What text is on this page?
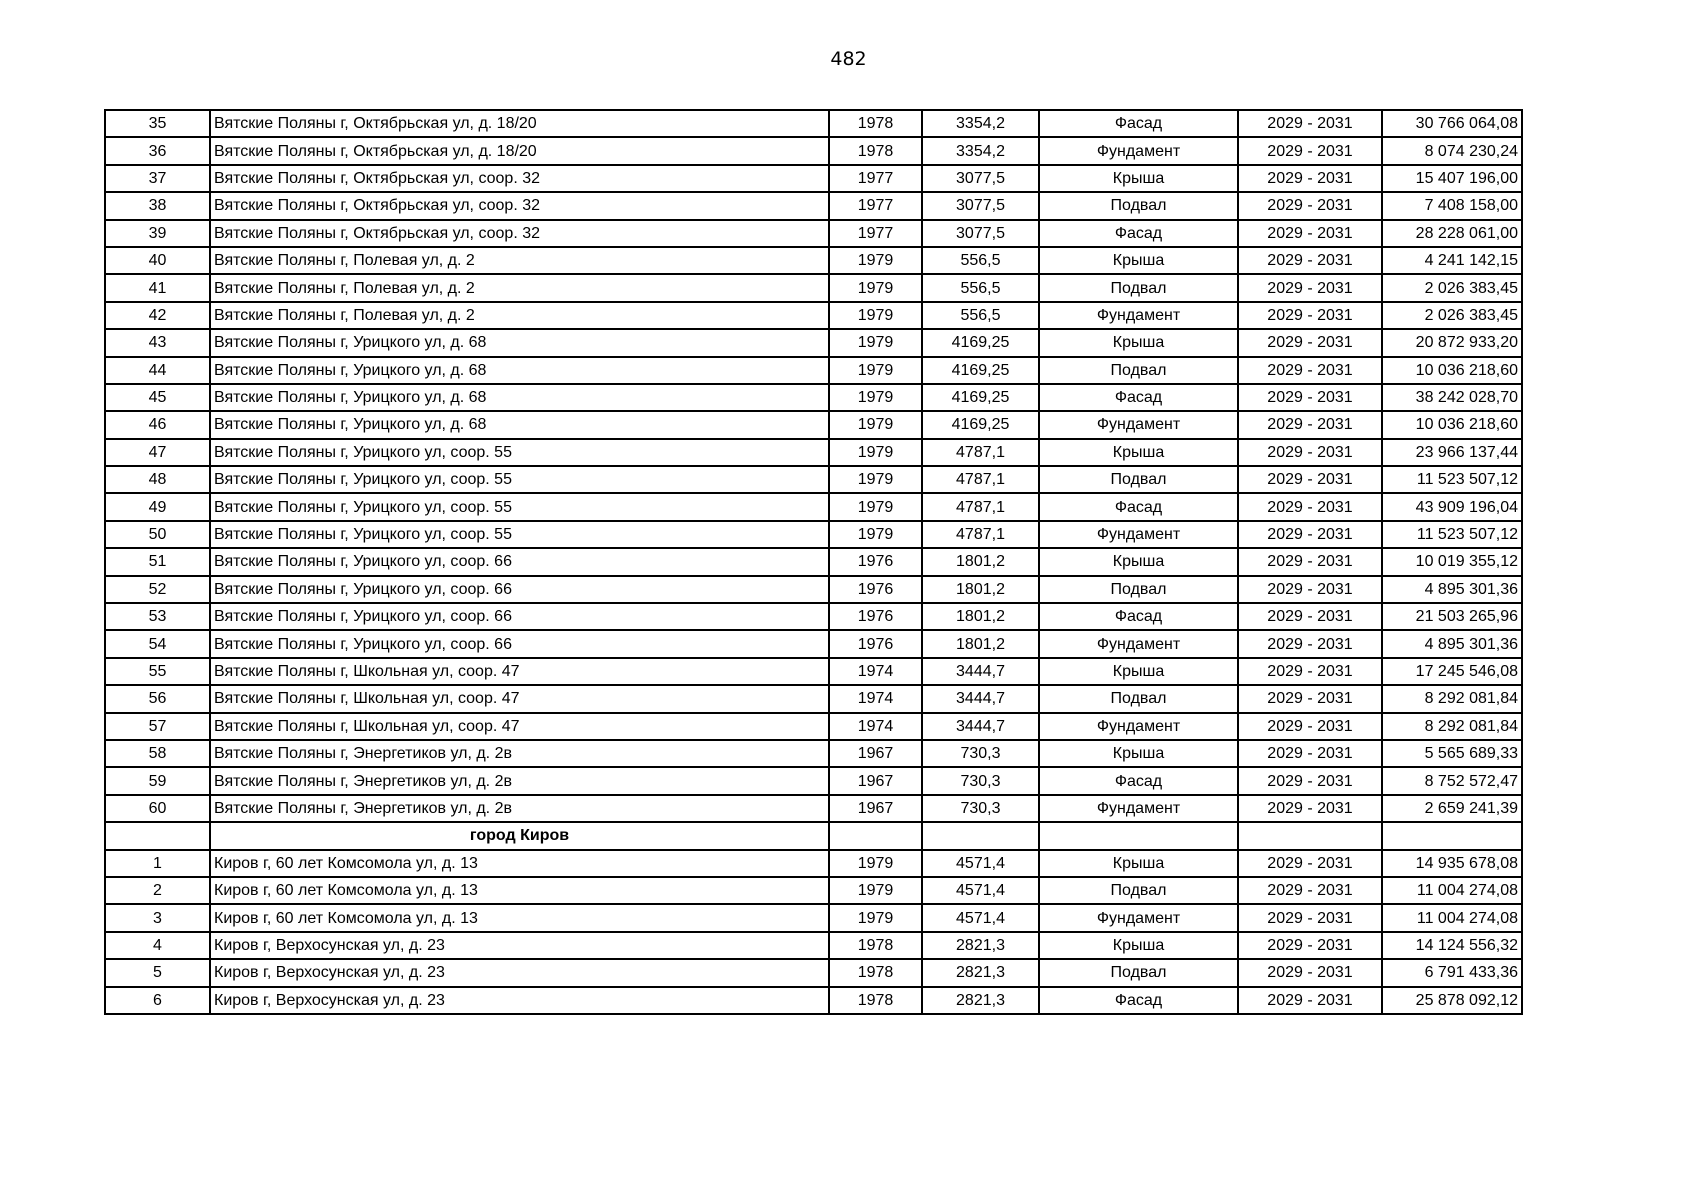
482
35	Вятские Поляны г, Октябрьская ул, д. 18/20	1978	3354,2	Фасад	2029 - 2031	30 766 064,08
36	Вятские Поляны г, Октябрьская ул, д. 18/20	1978	3354,2	Фундамент	2029 - 2031	8 074 230,24
37	Вятские Поляны г, Октябрьская ул, соор. 32	1977	3077,5	Крыша	2029 - 2031	15 407 196,00
38	Вятские Поляны г, Октябрьская ул, соор. 32	1977	3077,5	Подвал	2029 - 2031	7 408 158,00
39	Вятские Поляны г, Октябрьская ул, соор. 32	1977	3077,5	Фасад	2029 - 2031	28 228 061,00
40	Вятские Поляны г, Полевая ул, д. 2	1979	556,5	Крыша	2029 - 2031	4 241 142,15
41	Вятские Поляны г, Полевая ул, д. 2	1979	556,5	Подвал	2029 - 2031	2 026 383,45
42	Вятские Поляны г, Полевая ул, д. 2	1979	556,5	Фундамент	2029 - 2031	2 026 383,45
43	Вятские Поляны г, Урицкого ул, д. 68	1979	4169,25	Крыша	2029 - 2031	20 872 933,20
44	Вятские Поляны г, Урицкого ул, д. 68	1979	4169,25	Подвал	2029 - 2031	10 036 218,60
45	Вятские Поляны г, Урицкого ул, д. 68	1979	4169,25	Фасад	2029 - 2031	38 242 028,70
46	Вятские Поляны г, Урицкого ул, д. 68	1979	4169,25	Фундамент	2029 - 2031	10 036 218,60
47	Вятские Поляны г, Урицкого ул, соор. 55	1979	4787,1	Крыша	2029 - 2031	23 966 137,44
48	Вятские Поляны г, Урицкого ул, соор. 55	1979	4787,1	Подвал	2029 - 2031	11 523 507,12
49	Вятские Поляны г, Урицкого ул, соор. 55	1979	4787,1	Фасад	2029 - 2031	43 909 196,04
50	Вятские Поляны г, Урицкого ул, соор. 55	1979	4787,1	Фундамент	2029 - 2031	11 523 507,12
51	Вятские Поляны г, Урицкого ул, соор. 66	1976	1801,2	Крыша	2029 - 2031	10 019 355,12
52	Вятские Поляны г, Урицкого ул, соор. 66	1976	1801,2	Подвал	2029 - 2031	4 895 301,36
53	Вятские Поляны г, Урицкого ул, соор. 66	1976	1801,2	Фасад	2029 - 2031	21 503 265,96
54	Вятские Поляны г, Урицкого ул, соор. 66	1976	1801,2	Фундамент	2029 - 2031	4 895 301,36
55	Вятские Поляны г, Школьная ул, соор. 47	1974	3444,7	Крыша	2029 - 2031	17 245 546,08
56	Вятские Поляны г, Школьная ул, соор. 47	1974	3444,7	Подвал	2029 - 2031	8 292 081,84
57	Вятские Поляны г, Школьная ул, соор. 47	1974	3444,7	Фундамент	2029 - 2031	8 292 081,84
58	Вятские Поляны г, Энергетиков ул, д. 2в	1967	730,3	Крыша	2029 - 2031	5 565 689,33
59	Вятские Поляны г, Энергетиков ул, д. 2в	1967	730,3	Фасад	2029 - 2031	8 752 572,47
60	Вятские Поляны г, Энергетиков ул, д. 2в	1967	730,3	Фундамент	2029 - 2031	2 659 241,39
	город Киров					
1	Киров г, 60 лет Комсомола ул, д. 13	1979	4571,4	Крыша	2029 - 2031	14 935 678,08
2	Киров г, 60 лет Комсомола ул, д. 13	1979	4571,4	Подвал	2029 - 2031	11 004 274,08
3	Киров г, 60 лет Комсомола ул, д. 13	1979	4571,4	Фундамент	2029 - 2031	11 004 274,08
4	Киров г, Верхосунская ул, д. 23	1978	2821,3	Крыша	2029 - 2031	14 124 556,32
5	Киров г, Верхосунская ул, д. 23	1978	2821,3	Подвал	2029 - 2031	6 791 433,36
6	Киров г, Верхосунская ул, д. 23	1978	2821,3	Фасад	2029 - 2031	25 878 092,12
